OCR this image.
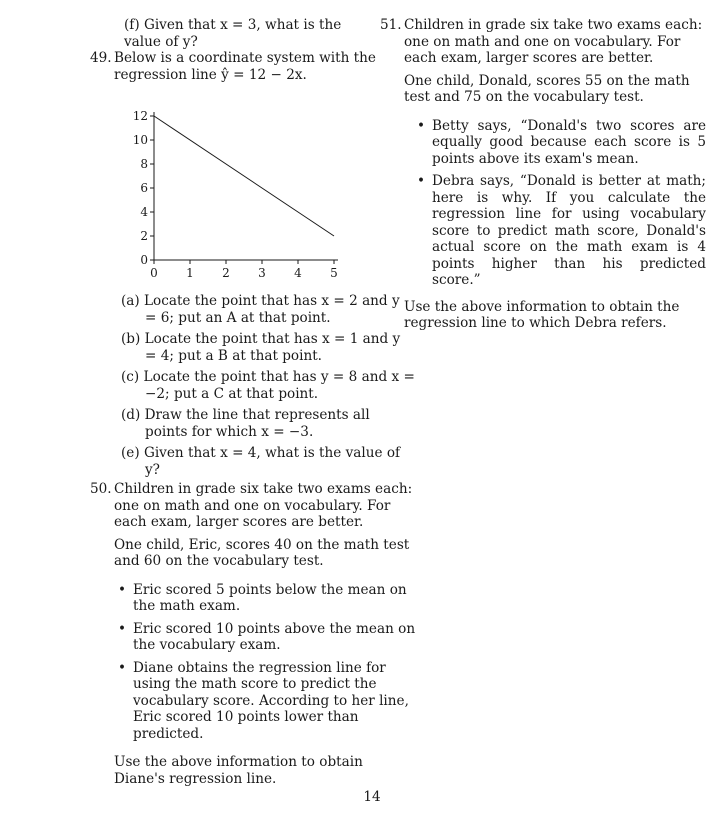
(f) Given that x = 3, what is the value of y?

49. Below is a coordinate system with the regression line ŷ = 12 − 2x.

0 1 2 3 4 5
0
2
4
6
8
10
12

(a) Locate the point that has x = 2 and y = 6; put an A at that point.

(b) Locate the point that has x = 1 and y = 4; put a B at that point.

(c) Locate the point that has y = 8 and x = −2; put a C at that point.

(d) Draw the line that represents all points for which x = −3.

(e) Given that x = 4, what is the value of y?

50. Children in grade six take two exams each: one on math and one on vocabulary. For each exam, larger scores are better.

One child, Eric, scores 40 on the math test and 60 on the vocabulary test.

• Eric scored 5 points below the mean on the math exam.
• Eric scored 10 points above the mean on the vocabulary exam.
• Diane obtains the regression line for using the math score to predict the vocabulary score. According to her line, Eric scored 10 points lower than predicted.

Use the above information to obtain Diane's regression line.

51. Children in grade six take two exams each: one on math and one on vocabulary. For each exam, larger scores are better.

One child, Donald, scores 55 on the math test and 75 on the vocabulary test.

• Betty says, “Donald's two scores are equally good because each score is 5 points above its exam's mean.
• Debra says, “Donald is better at math; here is why. If you calculate the regression line for using vocabulary score to predict math score, Donald's actual score on the math exam is 4 points higher than his predicted score.”

Use the above information to obtain the regression line to which Debra refers.

14
